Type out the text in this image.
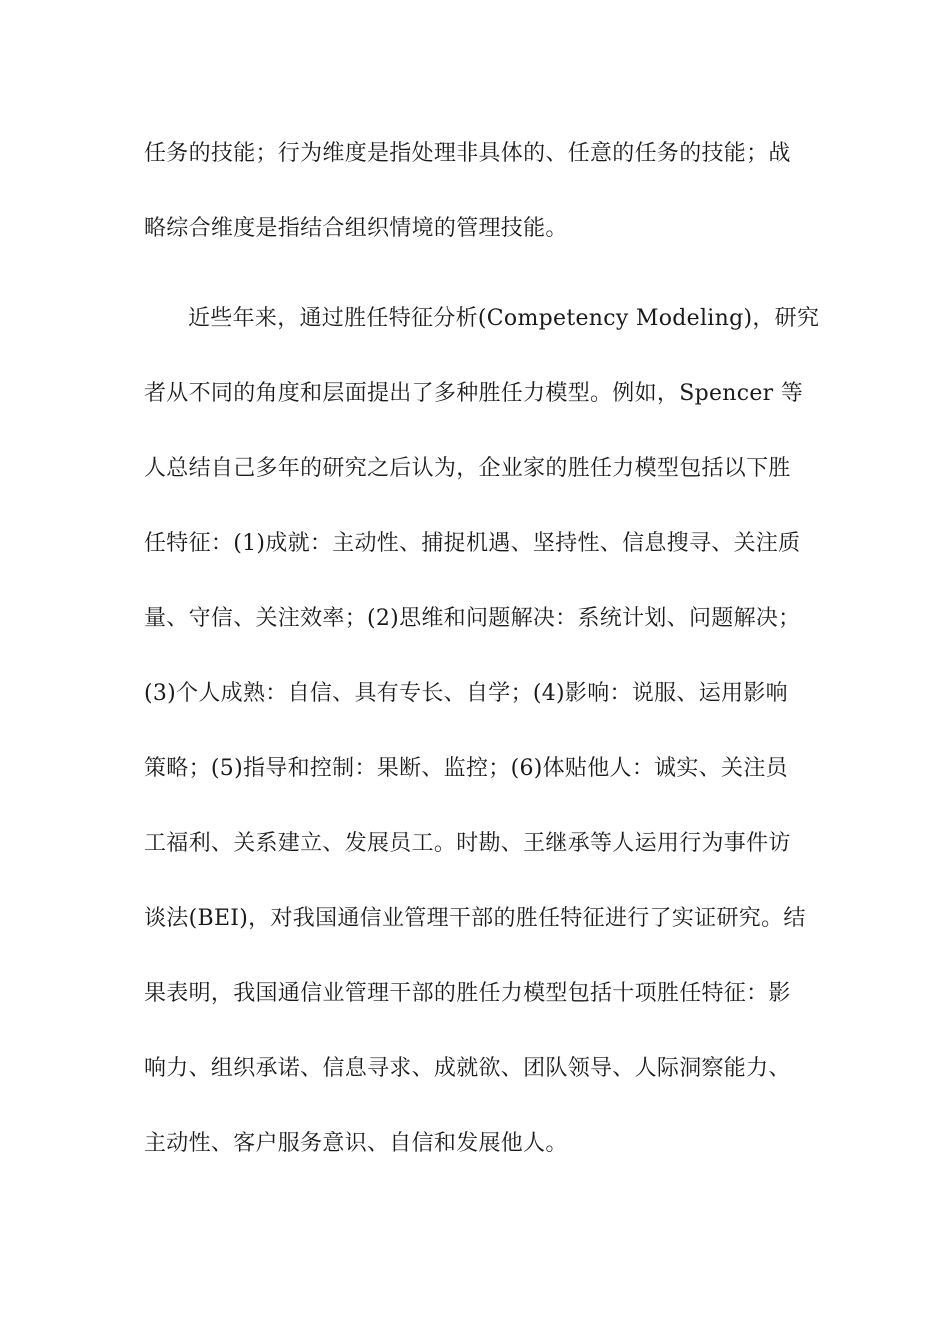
任务的技能；行为维度是指处理非具体的、任意的任务的技能；战
略综合维度是指结合组织情境的管理技能。
近些年来，通过胜任特征分析(Competency Modeling)，研究
者从不同的角度和层面提出了多种胜任力模型。例如，Spencer 等
人总结自己多年的研究之后认为，企业家的胜任力模型包括以下胜
任特征：(1)成就：主动性、捕捉机遇、坚持性、信息搜寻、关注质
量、守信、关注效率；(2)思维和问题解决：系统计划、问题解决；
(3)个人成熟：自信、具有专长、自学；(4)影响：说服、运用影响
策略；(5)指导和控制：果断、监控；(6)体贴他人：诚实、关注员
工福利、关系建立、发展员工。时勘、王继承等人运用行为事件访
谈法(BEI)，对我国通信业管理干部的胜任特征进行了实证研究。结
果表明，我国通信业管理干部的胜任力模型包括十项胜任特征：影
响力、组织承诺、信息寻求、成就欲、团队领导、人际洞察能力、
主动性、客户服务意识、自信和发展他人。
